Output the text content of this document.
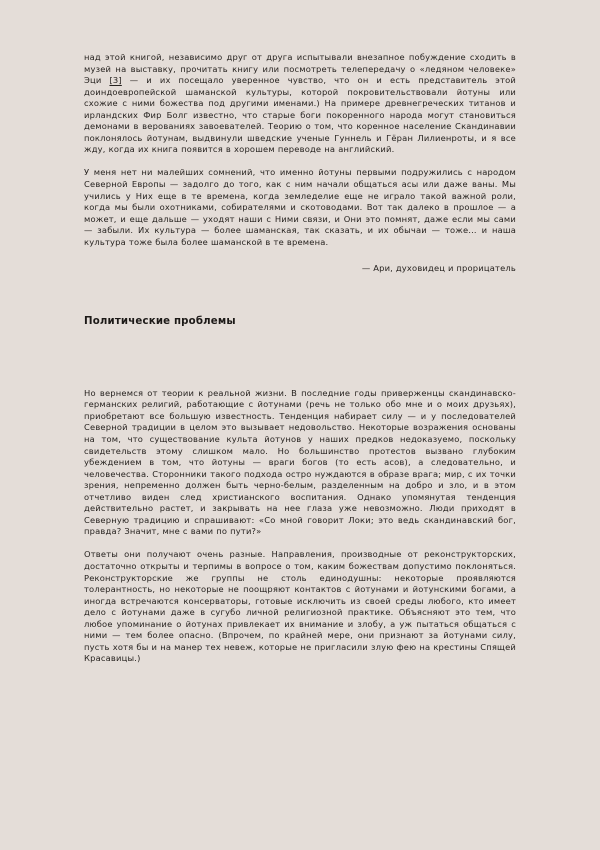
над этой книгой, независимо друг от друга испытывали внезапное побуждение сходить в музей на выставку, прочитать книгу или посмотреть телепередачу о «ледяном человеке» Эци [3] — и их посещало уверенное чувство, что он и есть представитель этой доиндоевропейской шаманской культуры, которой покровительствовали йотуны или схожие с ними божества под другими именами.) На примере древнегреческих титанов и ирландских Фир Болг известно, что старые боги покоренного народа могут становиться демонами в верованиях завоевателей. Теорию о том, что коренное население Скандинавии поклонялось йотунам, выдвинули шведские ученые Гуннель и Гёран Лилиенроты, и я все жду, когда их книга появится в хорошем переводе на английский.

У меня нет ни малейших сомнений, что именно йотуны первыми подружились с народом Северной Европы — задолго до того, как с ним начали общаться асы или даже ваны. Мы учились у Них еще в те времена, когда земледелие еще не играло такой важной роли, когда мы были охотниками, собирателями и скотоводами. Вот так далеко в прошлое — а может, и еще дальше — уходят наши с Ними связи, и Они это помнят, даже если мы сами — забыли. Их культура — более шаманская, так сказать, и их обычаи — тоже… и наша культура тоже была более шаманской в те времена.

— Ари, духовидец и прорицатель

Политические проблемы

Но вернемся от теории к реальной жизни. В последние годы приверженцы скандинавско-германских религий, работающие с йотунами (речь не только обо мне и о моих друзьях), приобретают все большую известность. Тенденция набирает силу — и у последователей Северной традиции в целом это вызывает недовольство. Некоторые возражения основаны на том, что существование культа йотунов у наших предков недоказуемо, поскольку свидетельств этому слишком мало. Но большинство протестов вызвано глубоким убеждением в том, что йотуны — враги богов (то есть асов), а следовательно, и человечества. Сторонники такого подхода остро нуждаются в образе врага; мир, с их точки зрения, непременно должен быть черно-белым, разделенным на добро и зло, и в этом отчетливо виден след христианского воспитания. Однако упомянутая тенденция действительно растет, и закрывать на нее глаза уже невозможно. Люди приходят в Северную традицию и спрашивают: «Со мной говорит Локи; это ведь скандинавский бог, правда? Значит, мне с вами по пути?»

Ответы они получают очень разные. Направления, производные от реконструкторских, достаточно открыты и терпимы в вопросе о том, каким божествам допустимо поклоняться. Реконструкторские же группы не столь единодушны: некоторые проявляются толерантность, но некоторые не поощряют контактов с йотунами и йотунскими богами, а иногда встречаются консерваторы, готовые исключить из своей среды любого, кто имеет дело с йотунами даже в сугубо личной религиозной практике. Объясняют это тем, что любое упоминание о йотунах привлекает их внимание и злобу, а уж пытаться общаться с ними — тем более опасно. (Впрочем, по крайней мере, они признают за йотунами силу, пусть хотя бы и на манер тех невеж, которые не пригласили злую фею на крестины Спящей Красавицы.)
